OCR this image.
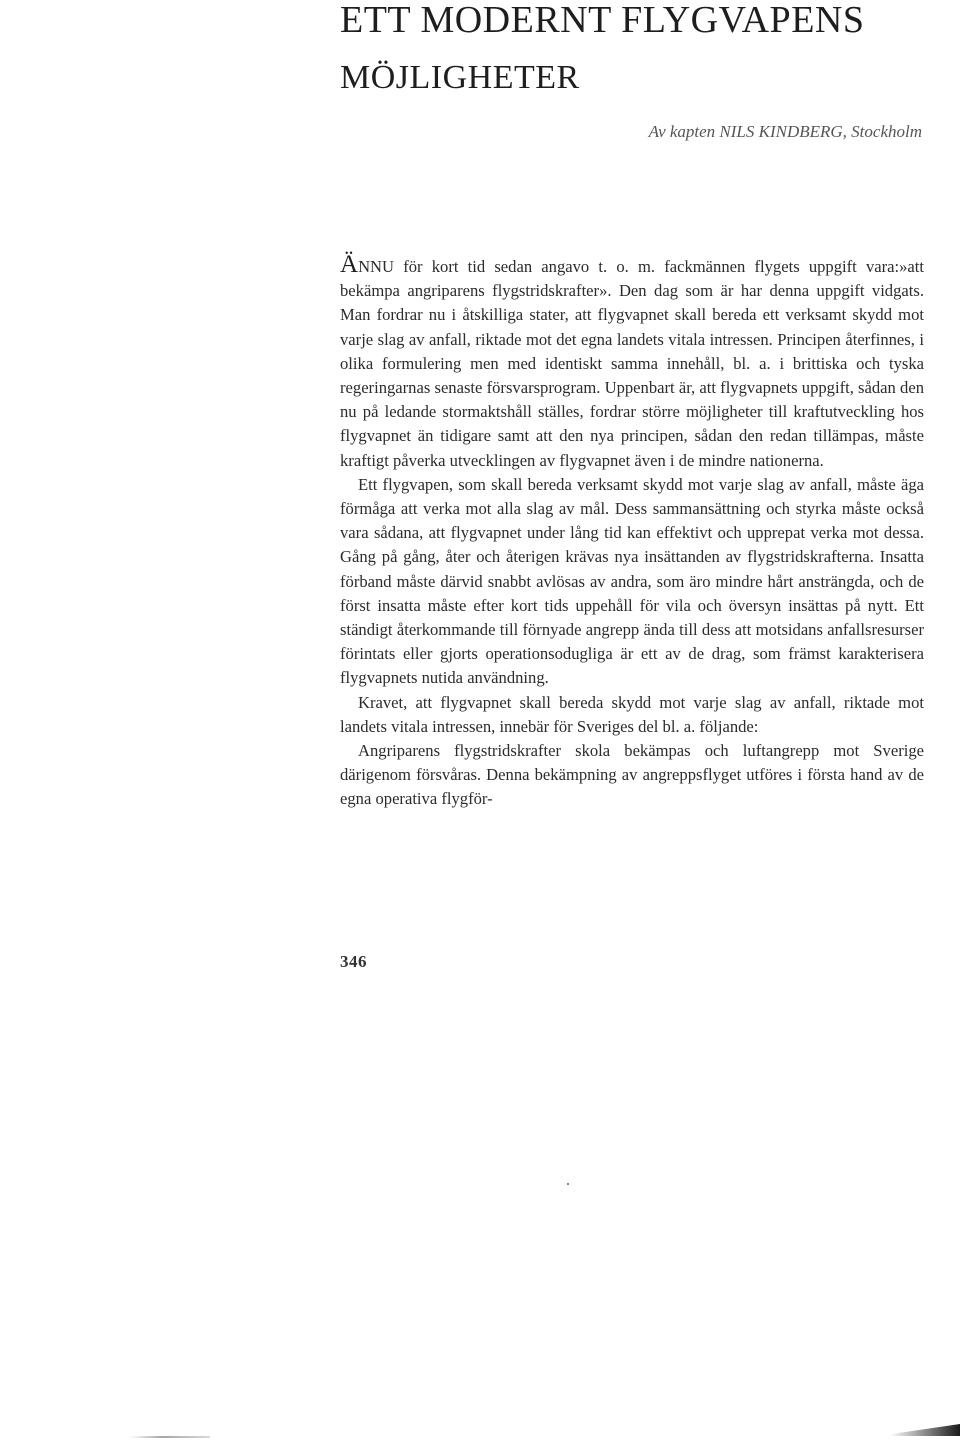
ETT MODERNT FLYGVAPENS
MÖJLIGHETER
Av kapten NILS KINDBERG, Stockholm

ÄNNU för kort tid sedan angavo t. o. m. fackmännen flygets uppgift vara:»att bekämpa angriparens flygstridskrafter». Den dag som är har denna uppgift vidgats. Man fordrar nu i åtskilliga stater, att flygvapnet skall bereda ett verksamt skydd mot varje slag av anfall, riktade mot det egna landets vitala intressen. Principen återfinnes, i olika formulering men med identiskt samma innehåll, bl. a. i brittiska och tyska regeringarnas senaste försvarsprogram. Uppenbart är, att flygvapnets uppgift, sådan den nu på ledande stormaktshåll ställes, fordrar större möjligheter till kraftutveckling hos flygvapnet än tidigare samt att den nya principen, sådan den redan tillämpas, måste kraftigt påverka utvecklingen av flygvapnet även i de mindre nationerna.

Ett flygvapen, som skall bereda verksamt skydd mot varje slag av anfall, måste äga förmåga att verka mot alla slag av mål. Dess sammansättning och styrka måste också vara sådana, att flygvapnet under lång tid kan effektivt och upprepat verka mot dessa. Gång på gång, åter och återigen krävas nya insättanden av flygstridskrafterna. Insatta förband måste därvid snabbt avlösas av andra, som äro mindre hårt ansträngda, och de först insatta måste efter kort tids uppehåll för vila och översyn insättas på nytt. Ett ständigt återkommande till förnyade angrepp ända till dess att motsidans anfallsresurser förintats eller gjorts operationsodugliga är ett av de drag, som främst karakterisera flygvapnets nutida användning.

Kravet, att flygvapnet skall bereda skydd mot varje slag av anfall, riktade mot landets vitala intressen, innebär för Sveriges del bl. a. följande:

Angriparens flygstridskrafter skola bekämpas och luftangrepp mot Sverige därigenom försvåras. Denna bekämpning av angreppsflyget utföres i första hand av de egna operativa flygför-

346
